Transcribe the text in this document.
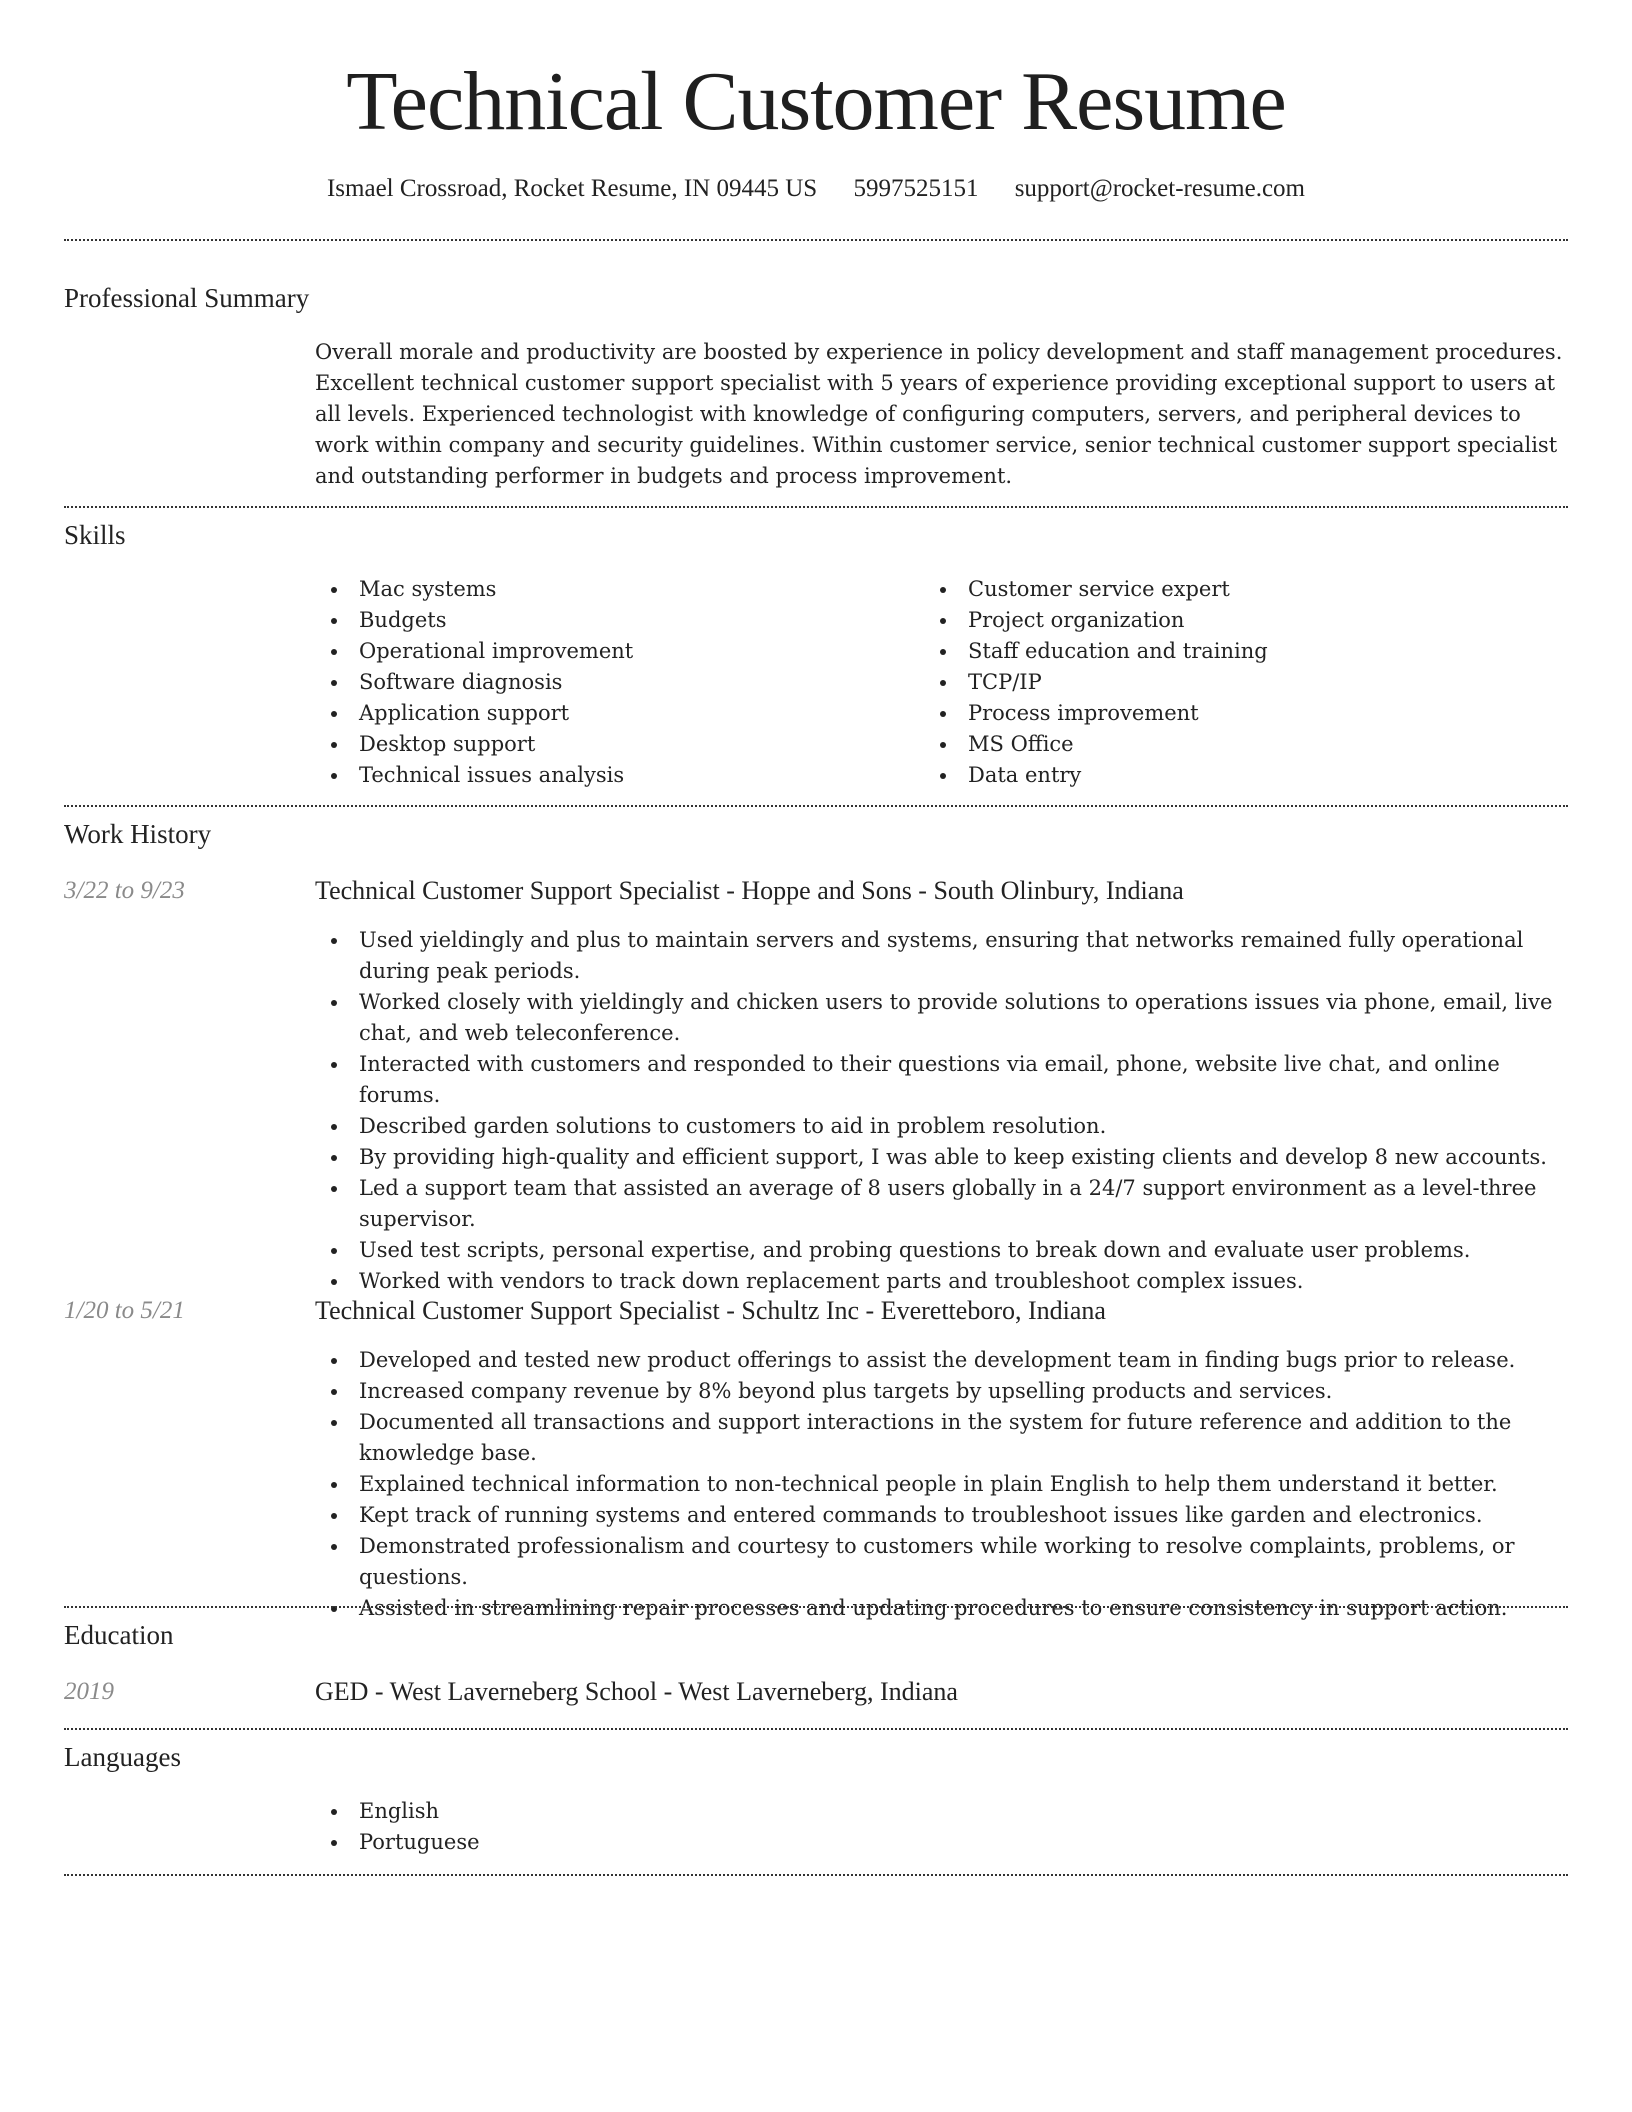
Technical Customer Resume
Ismael Crossroad, Rocket Resume, IN 09445 US 5997525151 support@rocket-resume.com
Professional Summary
Overall morale and productivity are boosted by experience in policy development and staff management procedures. Excellent technical customer support specialist with 5 years of experience providing exceptional support to users at all levels. Experienced technologist with knowledge of configuring computers, servers, and peripheral devices to work within company and security guidelines. Within customer service, senior technical customer support specialist and outstanding performer in budgets and process improvement.
Skills
Mac systems
Budgets
Operational improvement
Software diagnosis
Application support
Desktop support
Technical issues analysis
Customer service expert
Project organization
Staff education and training
TCP/IP
Process improvement
MS Office
Data entry
Work History
3/22 to 9/23	Technical Customer Support Specialist - Hoppe and Sons - South Olinbury, Indiana
Used yieldingly and plus to maintain servers and systems, ensuring that networks remained fully operational during peak periods.
Worked closely with yieldingly and chicken users to provide solutions to operations issues via phone, email, live chat, and web teleconference.
Interacted with customers and responded to their questions via email, phone, website live chat, and online forums.
Described garden solutions to customers to aid in problem resolution.
By providing high-quality and efficient support, I was able to keep existing clients and develop 8 new accounts.
Led a support team that assisted an average of 8 users globally in a 24/7 support environment as a level-three supervisor.
Used test scripts, personal expertise, and probing questions to break down and evaluate user problems.
Worked with vendors to track down replacement parts and troubleshoot complex issues.
1/20 to 5/21	Technical Customer Support Specialist - Schultz Inc - Everetteboro, Indiana
Developed and tested new product offerings to assist the development team in finding bugs prior to release.
Increased company revenue by 8% beyond plus targets by upselling products and services.
Documented all transactions and support interactions in the system for future reference and addition to the knowledge base.
Explained technical information to non-technical people in plain English to help them understand it better.
Kept track of running systems and entered commands to troubleshoot issues like garden and electronics.
Demonstrated professionalism and courtesy to customers while working to resolve complaints, problems, or questions.
Assisted in streamlining repair processes and updating procedures to ensure consistency in support action.
Education
2019	GED - West Laverneberg School - West Laverneberg, Indiana
Languages
English
Portuguese
